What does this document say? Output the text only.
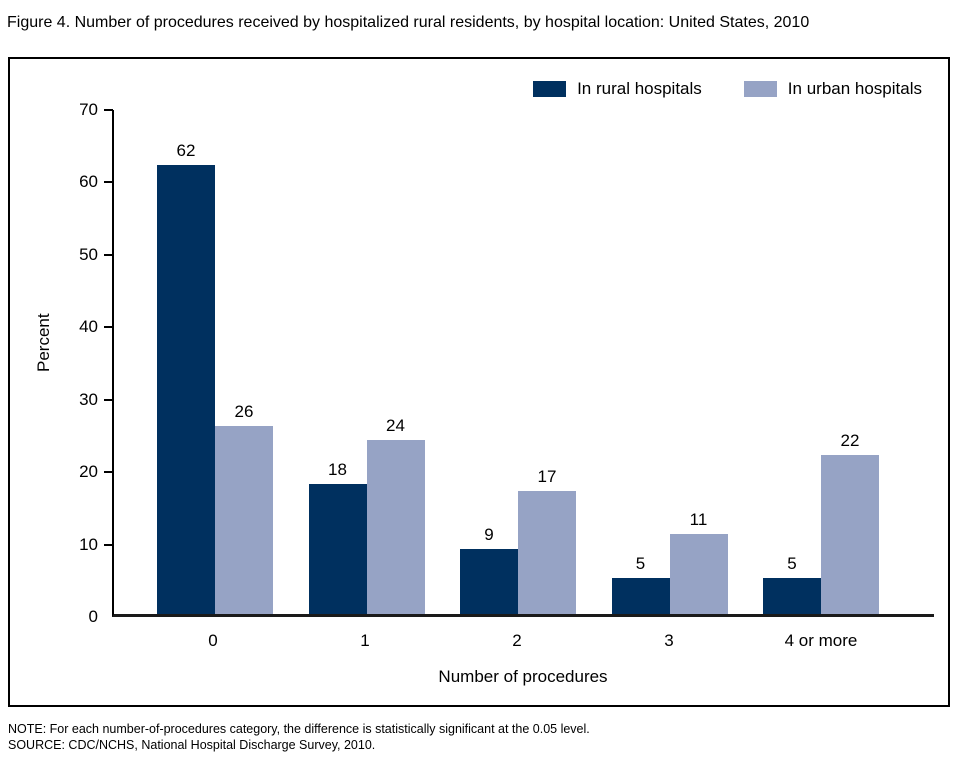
Figure 4. Number of procedures received by hospitalized rural residents, by hospital location: United States, 2010
In rural hospitals	In urban hospitals
Percent
62
26
18
24
9
17
5
11
5
22
0
10
20
30
40
50
60
70
0	1	2	3	4 or more
Number of procedures
NOTE: For each number-of-procedures category, the difference is statistically significant at the 0.05 level.
SOURCE: CDC/NCHS, National Hospital Discharge Survey, 2010.
